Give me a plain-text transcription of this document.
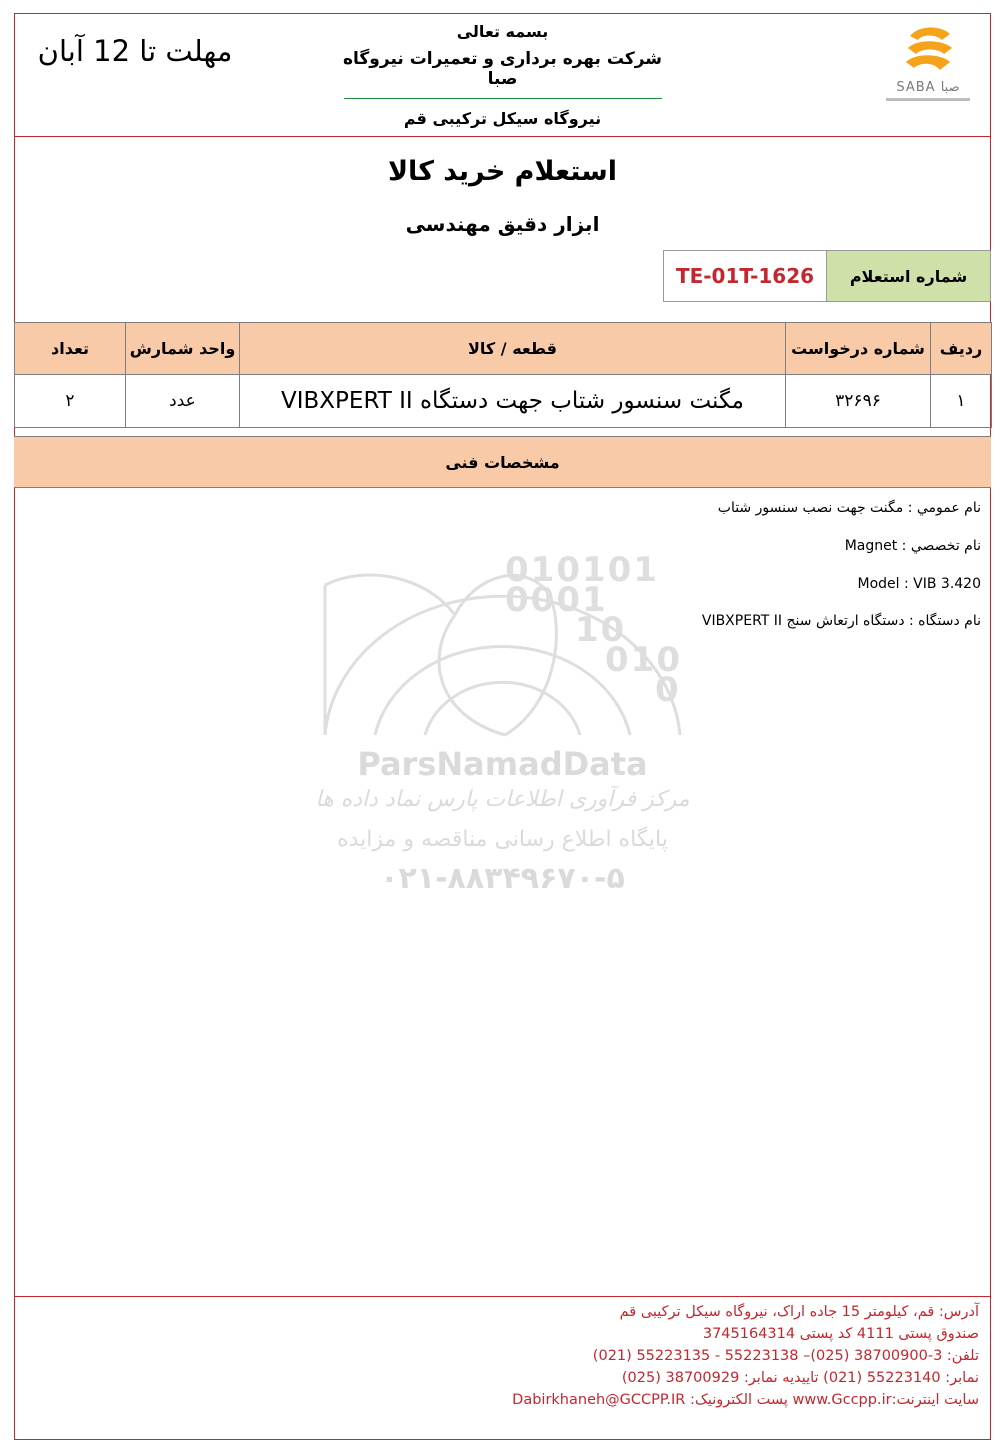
مهلت تا 12 آبان
بسمه تعالی
شرکت بهره برداری و تعمیرات نیروگاه صبا
نیروگاه سیکل ترکیبی قم
SABA صبا
استعلام خرید کالا
ابزار دقیق مهندسی
شماره استعلام
TE-01T-1626
ردیف	شماره درخواست	قطعه / کالا	واحد شمارش	تعداد
۱	۳۲۶۹۶	مگنت سنسور شتاب جهت دستگاه VIBXPERT II	عدد	۲
مشخصات فنی
نام عمومي : مگنت جهت نصب سنسور شتاب
نام تخصصي : Magnet
Model : VIB 3.420
نام دستگاه : دستگاه ارتعاش سنج VIBXPERT II
010101
0001
10
010
0
ParsNamadData
مرکز فرآوری اطلاعات پارس نماد داده ها
پایگاه اطلاع رسانی مناقصه و مزایده
۰۲۱-۸۸۳۴۹۶۷۰-۵
آدرس: قم، کیلومتر 15 جاده اراک، نیروگاه سیکل ترکیبی قم
صندوق پستی 4111 کد پستی 3745164314
تلفن: 3-38700900 (025)– 55223138 - 55223135 (021)
نمابر: 55223140 (021) تاییدیه نمابر: 38700929 (025)
سایت اینترنت:www.Gccpp.ir پست الکترونیک: Dabirkhaneh@GCCPP.IR
